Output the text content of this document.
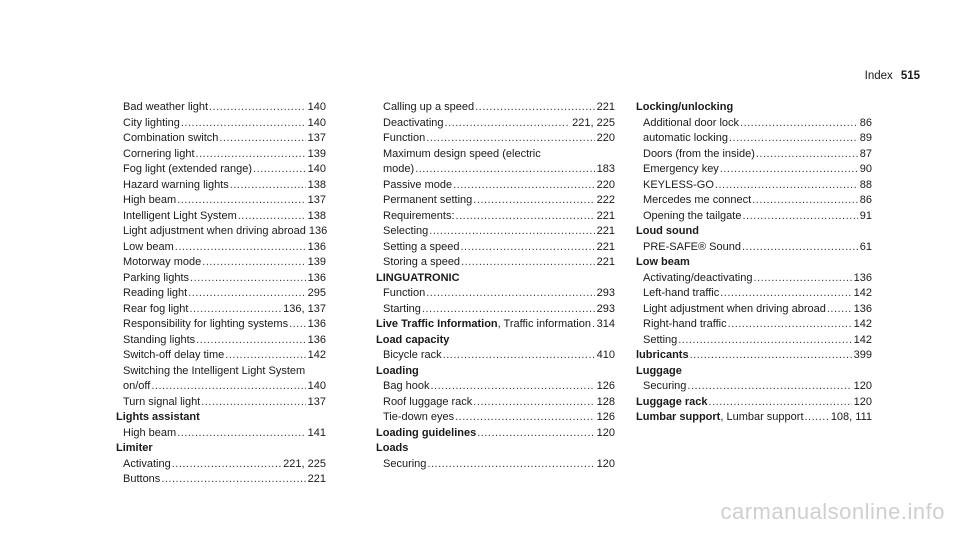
Index 515
Bad weather light .....	140
City lighting .....	140
Combination switch .....	137
Cornering light .....	139
Fog light (extended range) .....	140
Hazard warning lights .....	138
High beam .....	137
Intelligent Light System .....	138
Light adjustment when driving abroad 136
Low beam .....	136
Motorway mode .....	139
Parking lights .....	136
Reading light .....	295
Rear fog light .....	136, 137
Responsibility for lighting systems ..... 136
Standing lights .....	136
Switch-off delay time .....	142
Switching the Intelligent Light System
on/off .....	140
Turn signal light .....	137
Lights assistant
High beam .....	141
Limiter
Activating .....	221, 225
Buttons .....	221
Calling up a speed .....	221
Deactivating .....	221, 225
Function .....	220
Maximum design speed (electric
mode) .....	183
Passive mode .....	220
Permanent setting .....	222
Requirements: .....	221
Selecting .....	221
Setting a speed .....	221
Storing a speed .....	221
LINGUATRONIC
Function .....	293
Starting .....	293
Live Traffic Information, Traffic information ..... 314
Load capacity
Bicycle rack .....	410
Loading
Bag hook .....	126
Roof luggage rack .....	128
Tie-down eyes .....	126
Loading guidelines .....	120
Loads
Securing .....	120
Locking/unlocking
Additional door lock .....	86
automatic locking .....	89
Doors (from the inside) .....	87
Emergency key .....	90
KEYLESS-GO .....	88
Mercedes me connect .....	86
Opening the tailgate .....	91
Loud sound
PRE-SAFE® Sound .....	61
Low beam
Activating/deactivating .....	136
Left-hand traffic .....	142
Light adjustment when driving abroad .....	136
Right-hand traffic .....	142
Setting .....	142
lubricants .....	399
Luggage
Securing .....	120
Luggage rack .....	120
Lumbar support, Lumbar support ..... 108, 111
carmanualsonline.info
